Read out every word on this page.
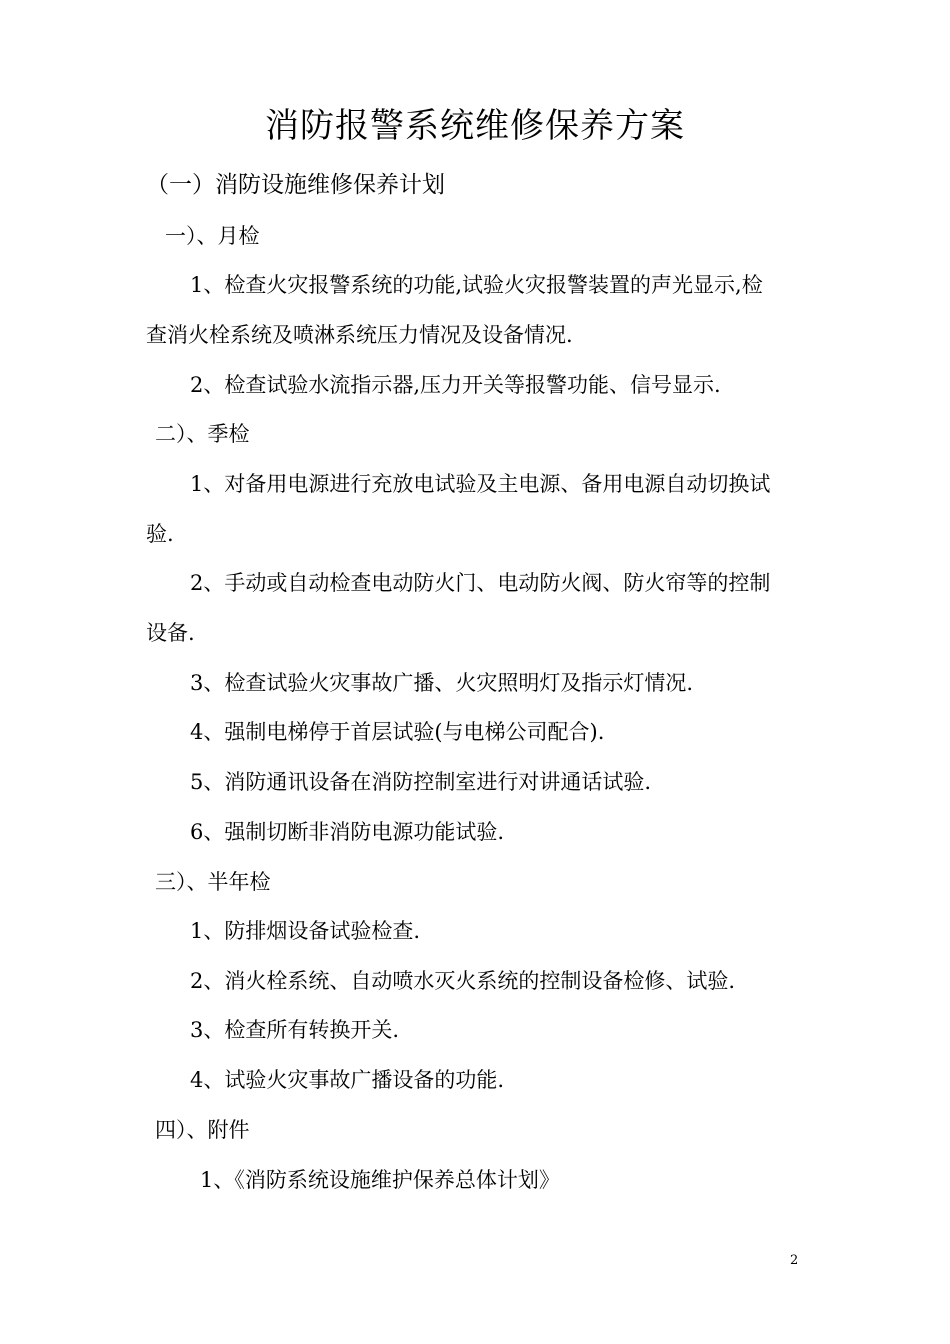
消防报警系统维修保养方案
（一）消防设施维修保养计划
一）、月检
1、检查火灾报警系统的功能,试验火灾报警装置的声光显示,检
查消火栓系统及喷淋系统压力情况及设备情况.
2、检查试验水流指示器,压力开关等报警功能、信号显示.
二）、季检
1、对备用电源进行充放电试验及主电源、备用电源自动切换试
验.
2、手动或自动检查电动防火门、电动防火阀、防火帘等的控制
设备.
3、检查试验火灾事故广播、火灾照明灯及指示灯情况.
4、强制电梯停于首层试验(与电梯公司配合).
5、消防通讯设备在消防控制室进行对讲通话试验.
6、强制切断非消防电源功能试验.
三）、半年检
1、防排烟设备试验检查.
2、消火栓系统、自动喷水灭火系统的控制设备检修、试验.
3、检查所有转换开关.
4、试验火灾事故广播设备的功能.
四）、附件
1、《消防系统设施维护保养总体计划》
2
